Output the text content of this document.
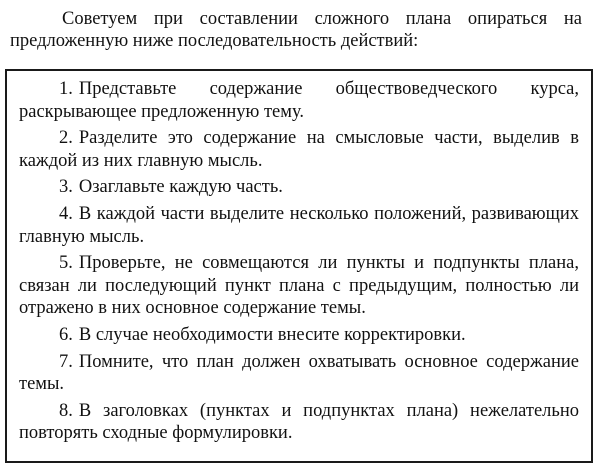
Советуем при составлении сложного плана опираться на предложенную ниже последовательность действий:

1. Представьте содержание обществоведческого курса, раскрывающее предложенную тему.

2. Разделите это содержание на смысловые части, выделив в каждой из них главную мысль.

3. Озаглавьте каждую часть.

4. В каждой части выделите несколько положений, развивающих главную мысль.

5. Проверьте, не совмещаются ли пункты и подпункты плана, связан ли последующий пункт плана с предыдущим, полностью ли отражено в них основное содержание темы.

6. В случае необходимости внесите корректировки.

7. Помните, что план должен охватывать основное содержание темы.

8. В заголовках (пунктах и подпунктах плана) нежелательно повторять сходные формулировки.
